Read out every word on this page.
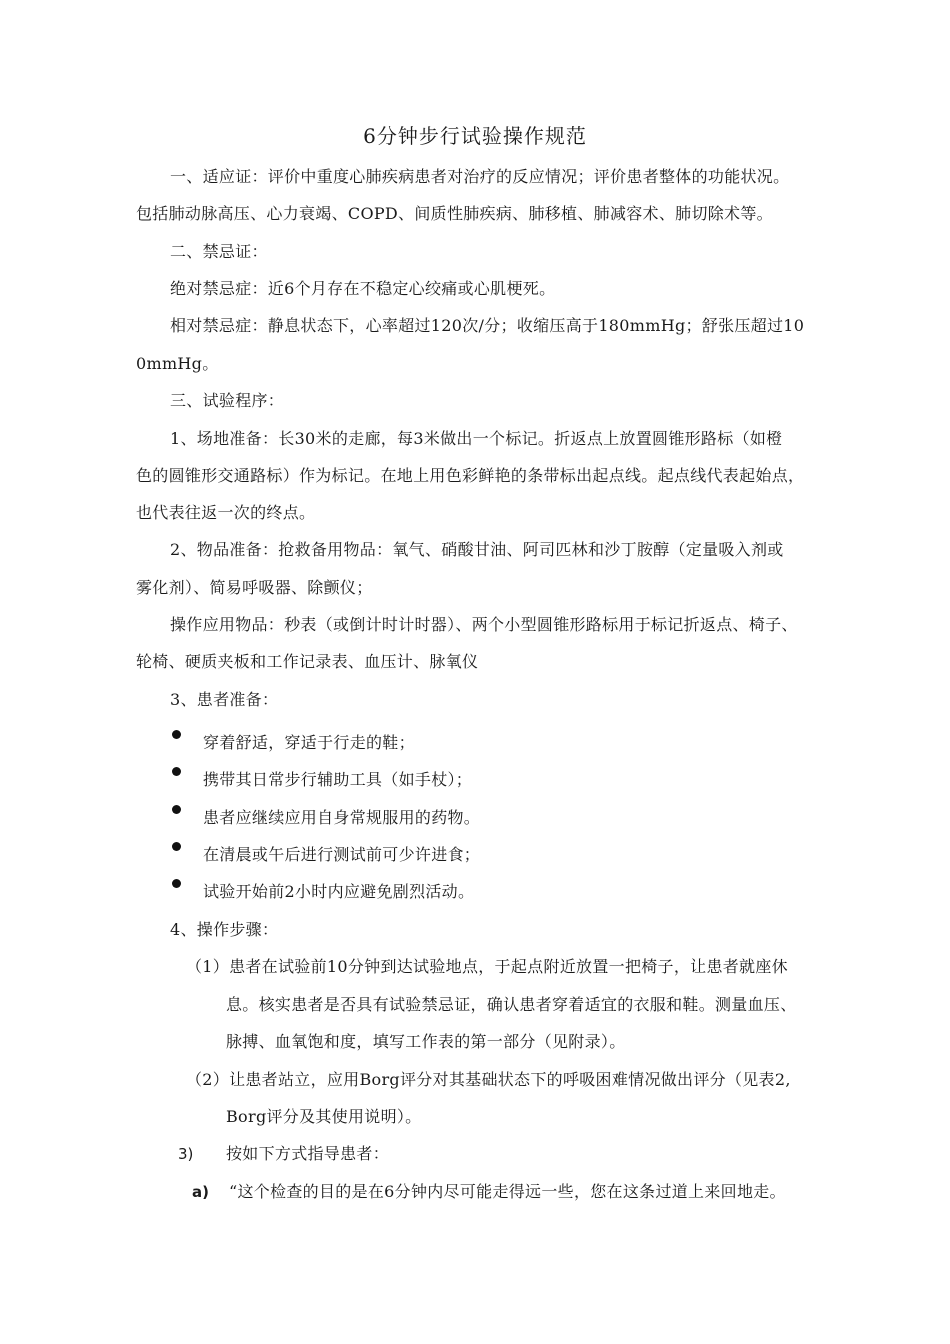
6分钟步行试验操作规范
一、适应证：评价中重度心肺疾病患者对治疗的反应情况；评价患者整体的功能状况。
包括肺动脉高压、心力衰竭、COPD、间质性肺疾病、肺移植、肺减容术、肺切除术等。
二、禁忌证：
绝对禁忌症：近6个月存在不稳定心绞痛或心肌梗死。
相对禁忌症：静息状态下，心率超过120次/分；收缩压高于180mmHg；舒张压超过10
0mmHg。
三、试验程序：
1、场地准备：长30米的走廊，每3米做出一个标记。折返点上放置圆锥形路标（如橙
色的圆锥形交通路标）作为标记。在地上用色彩鲜艳的条带标出起点线。起点线代表起始点，
也代表往返一次的终点。
2、物品准备：抢救备用物品：氧气、硝酸甘油、阿司匹林和沙丁胺醇（定量吸入剂或
雾化剂）、简易呼吸器、除颤仪；
操作应用物品：秒表（或倒计时计时器）、两个小型圆锥形路标用于标记折返点、椅子、
轮椅、硬质夹板和工作记录表、血压计、脉氧仪
3、患者准备：
穿着舒适，穿适于行走的鞋；
携带其日常步行辅助工具（如手杖）；
患者应继续应用自身常规服用的药物。
在清晨或午后进行测试前可少许进食；
试验开始前2小时内应避免剧烈活动。
4、操作步骤：
（1）患者在试验前10分钟到达试验地点，于起点附近放置一把椅子，让患者就座休
息。核实患者是否具有试验禁忌证，确认患者穿着适宜的衣服和鞋。测量血压、
脉搏、血氧饱和度，填写工作表的第一部分（见附录）。
（2）让患者站立，应用Borg评分对其基础状态下的呼吸困难情况做出评分（见表2,
Borg评分及其使用说明）。
3) 按如下方式指导患者：
a) “这个检查的目的是在6分钟内尽可能走得远一些，您在这条过道上来回地走。
